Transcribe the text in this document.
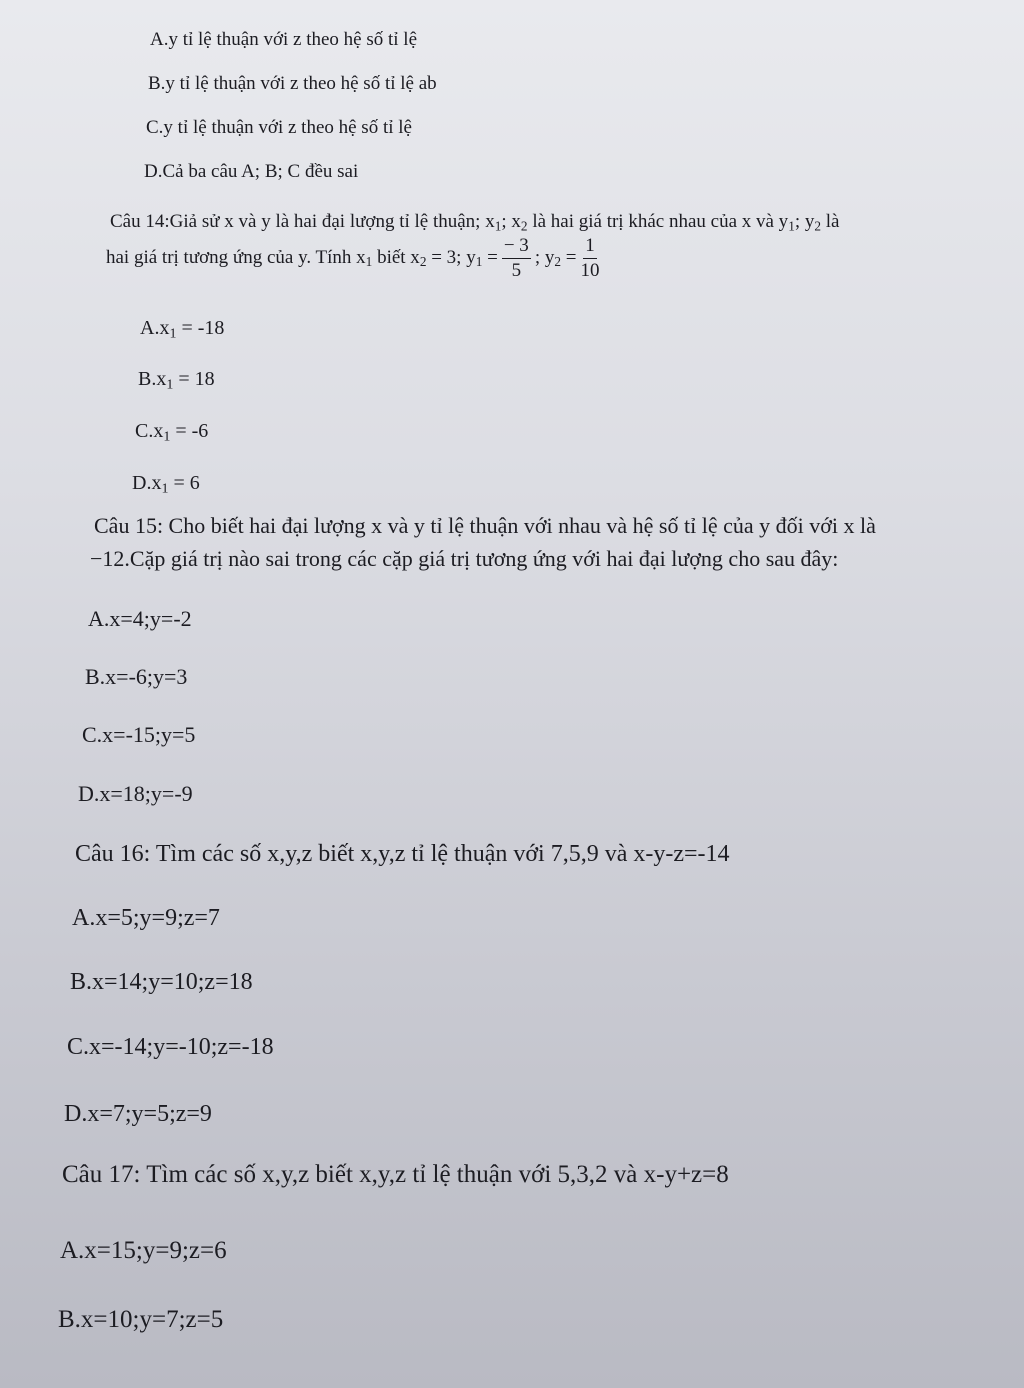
A.y tỉ lệ thuận với z theo hệ số tỉ lệ
B.y tỉ lệ thuận với z theo hệ số tỉ lệ ab
C.y tỉ lệ thuận với z theo hệ số tỉ lệ
D.Cả ba câu A; B; C đều sai
Câu 14:Giả sử x và y là hai đại lượng tỉ lệ thuận; $x_1$; $x_2$ là hai giá trị khác nhau của x và $y_1$; $y_2$ là
hai giá trị tương ứng của y. Tính $x_1$ biết $x_2 = 3$; $y_1 = \frac{- 3}{5}$ ; $y_2 = \frac{1}{10}$
$A.x_1 = -18$
$B.x_1 = 18$
$C.x_1 = -6$
$D.x_1 = 6$
Câu 15: Cho biết hai đại lượng x và y tỉ lệ thuận với nhau và hệ số tỉ lệ của y đối với x là
−12.Cặp giá trị nào sai trong các cặp giá trị tương ứng với hai đại lượng cho sau đây:
A.x=4;y=-2
B.x=-6;y=3
C.x=-15;y=5
D.x=18;y=-9
Câu 16: Tìm các số x,y,z biết x,y,z tỉ lệ thuận với 7,5,9 và x-y-z=-14
A.x=5;y=9;z=7
B.x=14;y=10;z=18
C.x=-14;y=-10;z=-18
D.x=7;y=5;z=9
Câu 17: Tìm các số x,y,z biết x,y,z tỉ lệ thuận với 5,3,2 và x-y+z=8
A.x=15;y=9;z=6
B.x=10;y=7;z=5
